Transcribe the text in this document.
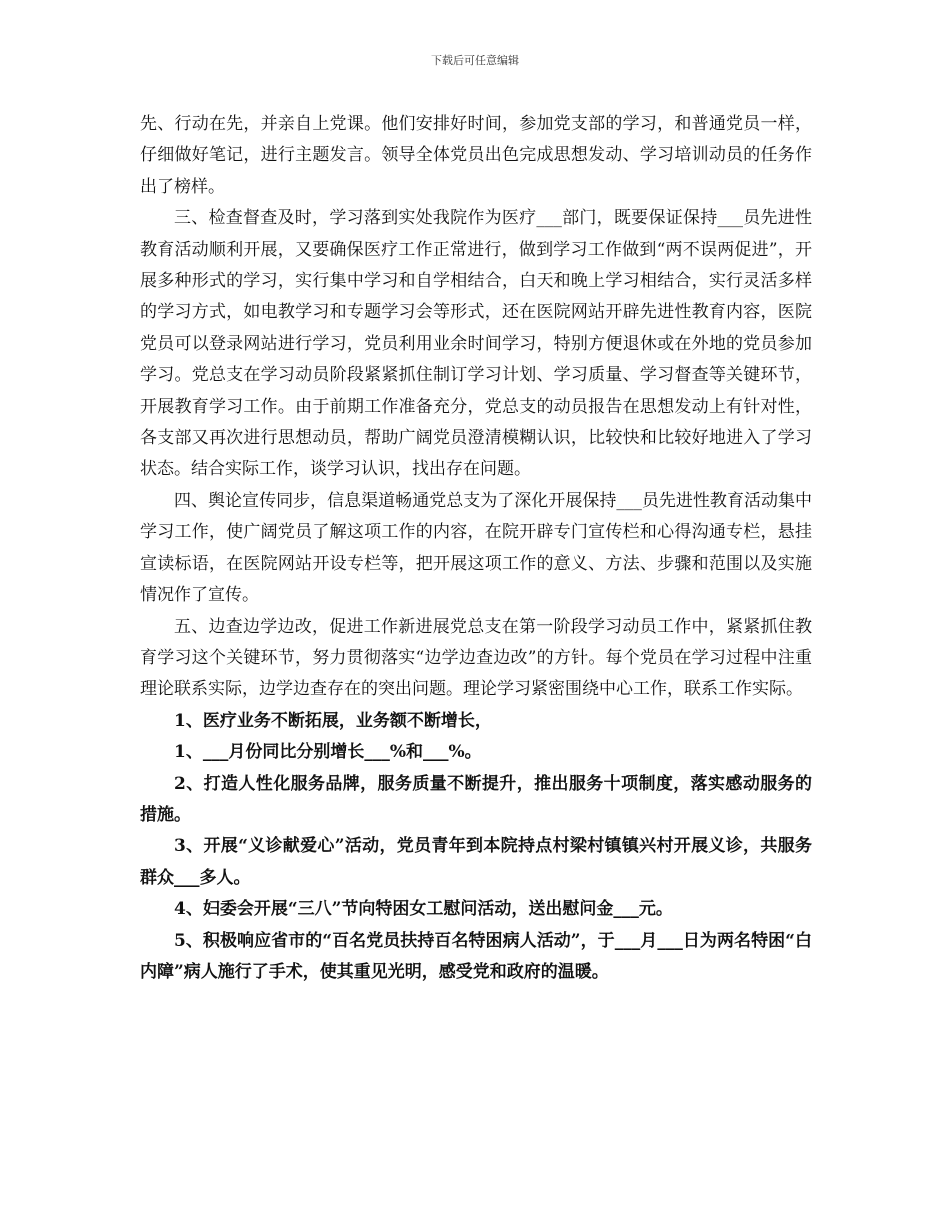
下载后可任意编辑

先、行动在先，并亲自上党课。他们安排好时间，参加党支部的学习，和普通党员一样，仔细做好笔记，进行主题发言。领导全体党员出色完成思想发动、学习培训动员的任务作出了榜样。

三、检查督查及时，学习落到实处我院作为医疗___部门，既要保证保持___员先进性教育活动顺利开展，又要确保医疗工作正常进行，做到学习工作做到“两不误两促进”，开展多种形式的学习，实行集中学习和自学相结合，白天和晚上学习相结合，实行灵活多样的学习方式，如电教学习和专题学习会等形式，还在医院网站开辟先进性教育内容，医院党员可以登录网站进行学习，党员利用业余时间学习，特别方便退休或在外地的党员参加学习。党总支在学习动员阶段紧紧抓住制订学习计划、学习质量、学习督查等关键环节，开展教育学习工作。由于前期工作准备充分，党总支的动员报告在思想发动上有针对性，各支部又再次进行思想动员，帮助广阔党员澄清模糊认识，比较快和比较好地进入了学习状态。结合实际工作，谈学习认识，找出存在问题。

四、舆论宣传同步，信息渠道畅通党总支为了深化开展保持___员先进性教育活动集中学习工作，使广阔党员了解这项工作的内容，在院开辟专门宣传栏和心得沟通专栏，悬挂宣读标语，在医院网站开设专栏等，把开展这项工作的意义、方法、步骤和范围以及实施情况作了宣传。

五、边查边学边改，促进工作新进展党总支在第一阶段学习动员工作中，紧紧抓住教育学习这个关键环节，努力贯彻落实“边学边查边改”的方针。每个党员在学习过程中注重理论联系实际，边学边查存在的突出问题。理论学习紧密围绕中心工作，联系工作实际。

1、医疗业务不断拓展，业务额不断增长，

1、___月份同比分别增长___%和___%。

2、打造人性化服务品牌，服务质量不断提升，推出服务十项制度，落实感动服务的措施。

3、开展“义诊献爱心”活动，党员青年到本院持点村梁村镇镇兴村开展义诊，共服务群众___多人。

4、妇委会开展“三八”节向特困女工慰问活动，送出慰问金___元。

5、积极响应省市的“百名党员扶持百名特困病人活动”，于___月___日为两名特困“白内障”病人施行了手术，使其重见光明，感受党和政府的温暖。
